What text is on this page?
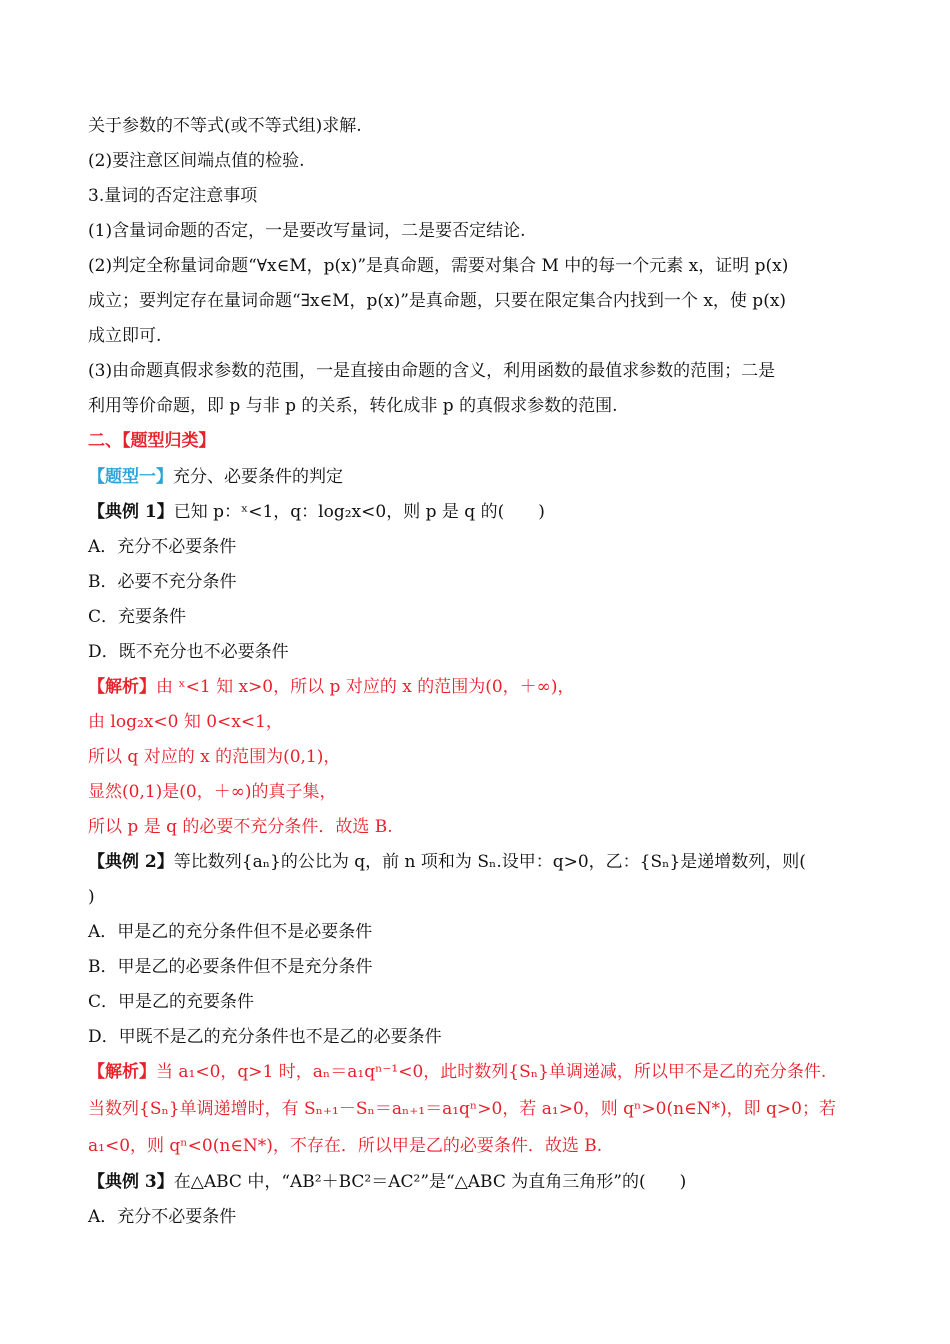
关于参数的不等式(或不等式组)求解.
(2)要注意区间端点值的检验.
3.量词的否定注意事项
(1)含量词命题的否定，一是要改写量词，二是要否定结论.
(2)判定全称量词命题“∀x∈M，p(x)”是真命题，需要对集合 M 中的每一个元素 x，证明 p(x)
成立；要判定存在量词命题“∃x∈M，p(x)”是真命题，只要在限定集合内找到一个 x，使 p(x)
成立即可.
(3)由命题真假求参数的范围，一是直接由命题的含义，利用函数的最值求参数的范围；二是
利用等价命题，即 p 与非 p 的关系，转化成非 p 的真假求参数的范围.
二、【题型归类】
【题型一】充分、必要条件的判定
【典例 1】已知 p：ˣ<1，q：log₂x<0，则 p 是 q 的(　　)
A．充分不必要条件
B．必要不充分条件
C．充要条件
D．既不充分也不必要条件
【解析】由 ˣ<1 知 x>0，所以 p 对应的 x 的范围为(0，＋∞)，
由 log₂x<0 知 0<x<1，
所以 q 对应的 x 的范围为(0,1)，
显然(0,1)是(0，＋∞)的真子集，
所以 p 是 q 的必要不充分条件．故选 B.
【典例 2】等比数列{aₙ}的公比为 q，前 n 项和为 Sₙ.设甲：q>0，乙：{Sₙ}是递增数列，则(
)
A．甲是乙的充分条件但不是必要条件
B．甲是乙的必要条件但不是充分条件
C．甲是乙的充要条件
D．甲既不是乙的充分条件也不是乙的必要条件
【解析】当 a₁<0，q>1 时，aₙ＝a₁qⁿ⁻¹<0，此时数列{Sₙ}单调递减，所以甲不是乙的充分条件.
当数列{Sₙ}单调递增时，有 Sₙ₊₁－Sₙ＝aₙ₊₁＝a₁qⁿ>0，若 a₁>0，则 qⁿ>0(n∈N*)，即 q>0；若
a₁<0，则 qⁿ<0(n∈N*)，不存在．所以甲是乙的必要条件．故选 B.
【典例 3】在△ABC 中，“AB²＋BC²＝AC²”是“△ABC 为直角三角形”的(　　)
A．充分不必要条件
